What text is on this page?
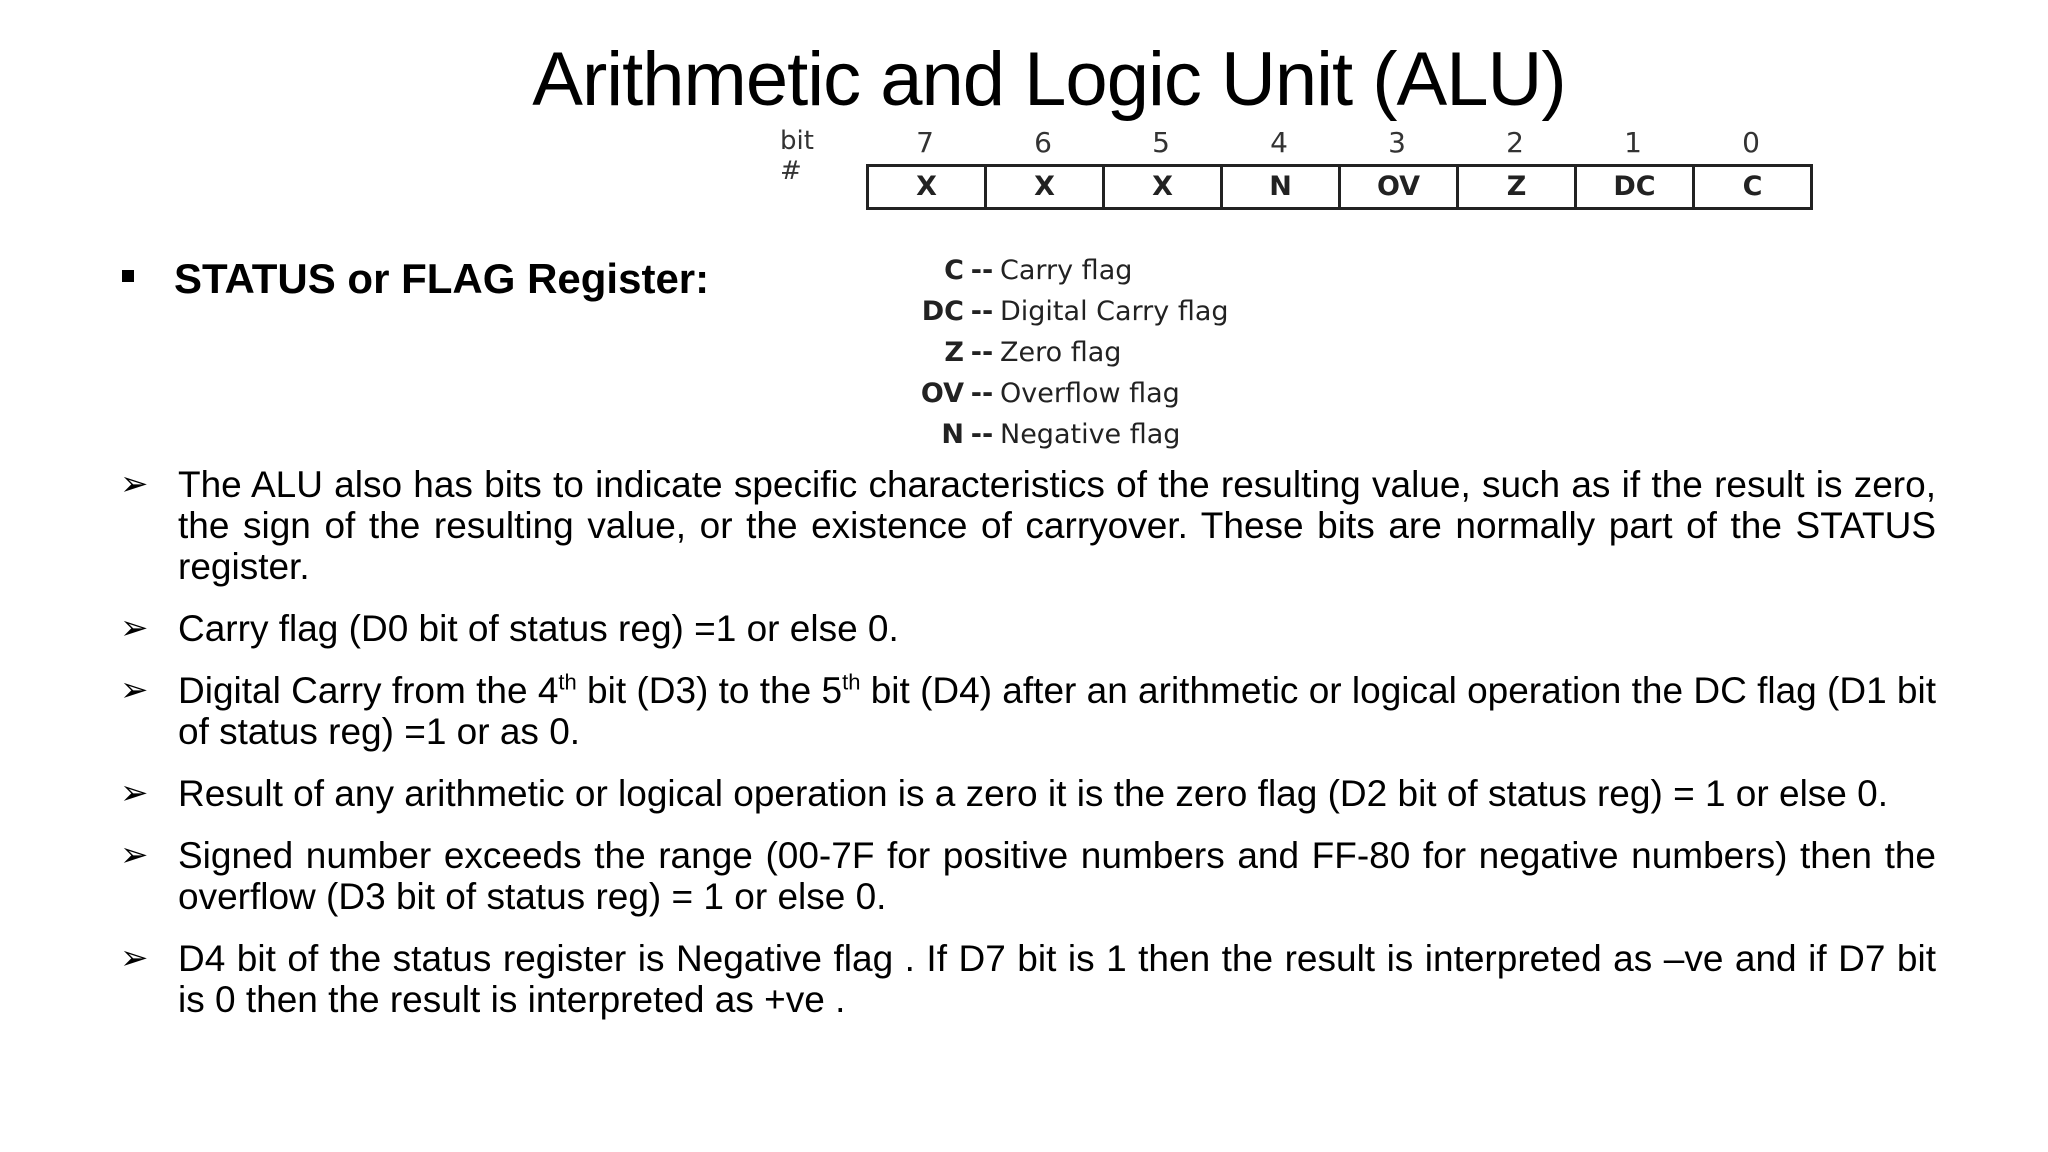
Arithmetic and Logic Unit (ALU)
bit #
7	6	5	4	3	2	1	0
X	X	X	N	OV	Z	DC	C
STATUS or FLAG Register:	C -- Carry flag
DC -- Digital Carry flag
Z -- Zero flag
OV -- Overflow flag
N -- Negative flag
➢ The ALU also has bits to indicate specific characteristics of the resulting value, such as if the result is zero, the sign of the resulting value, or the existence of carryover. These bits are normally part of the STATUS register.
➢ Carry flag (D0 bit of status reg) =1 or else 0.
➢ Digital Carry from the 4th bit (D3) to the 5th bit (D4) after an arithmetic or logical operation the DC flag (D1 bit of status reg) =1 or as 0.
➢ Result of any arithmetic or logical operation is a zero it is the zero flag (D2 bit of status reg) = 1 or else 0.
➢ Signed number exceeds the range (00-7F for positive numbers and FF-80 for negative numbers) then the overflow (D3 bit of status reg) = 1 or else 0.
➢ D4 bit of the status register is Negative flag . If D7 bit is 1 then the result is interpreted as –ve and if D7 bit is 0 then the result is interpreted as +ve .
